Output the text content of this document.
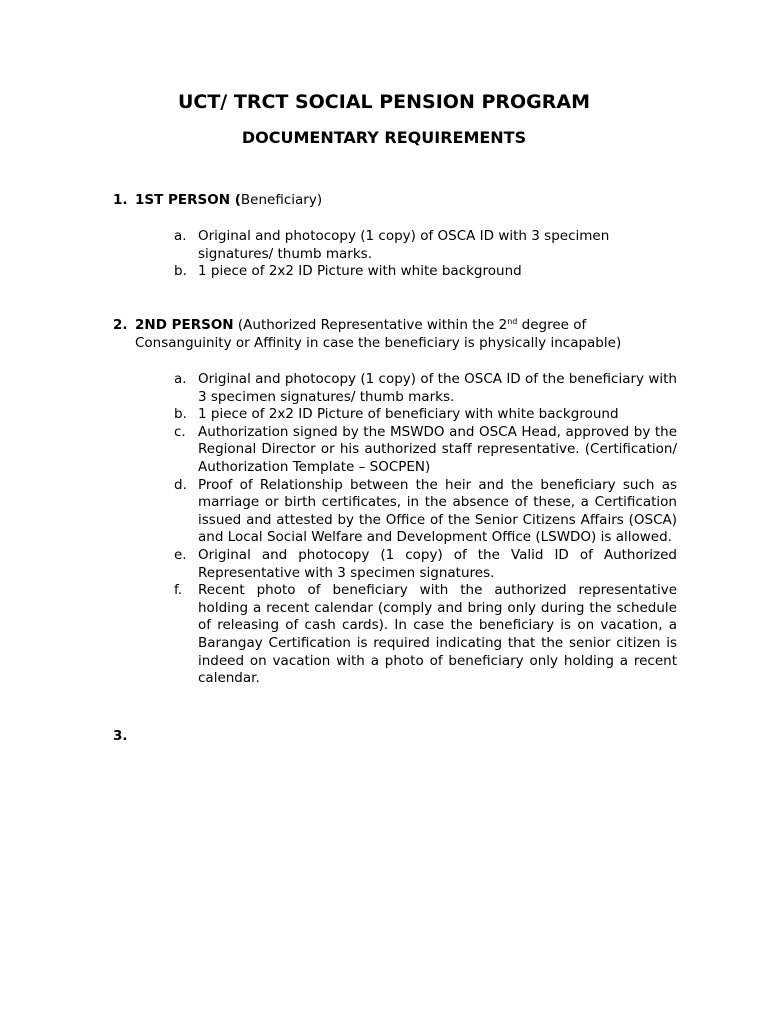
UCT/ TRCT SOCIAL PENSION PROGRAM
DOCUMENTARY REQUIREMENTS
1. 1ST PERSON (Beneficiary)
a. Original and photocopy (1 copy) of OSCA ID with 3 specimen signatures/ thumb marks.
b. 1 piece of 2x2 ID Picture with white background
2. 2ND PERSON (Authorized Representative within the 2nd degree of Consanguinity or Affinity in case the beneficiary is physically incapable)
a. Original and photocopy (1 copy) of the OSCA ID of the beneficiary with 3 specimen signatures/ thumb marks.
b. 1 piece of 2x2 ID Picture of beneficiary with white background
c. Authorization signed by the MSWDO and OSCA Head, approved by the Regional Director or his authorized staff representative. (Certification/ Authorization Template – SOCPEN)
d. Proof of Relationship between the heir and the beneficiary such as marriage or birth certificates, in the absence of these, a Certification issued and attested by the Office of the Senior Citizens Affairs (OSCA) and Local Social Welfare and Development Office (LSWDO) is allowed.
e. Original and photocopy (1 copy) of the Valid ID of Authorized Representative with 3 specimen signatures.
f. Recent photo of beneficiary with the authorized representative holding a recent calendar (comply and bring only during the schedule of releasing of cash cards). In case the beneficiary is on vacation, a Barangay Certification is required indicating that the senior citizen is indeed on vacation with a photo of beneficiary only holding a recent calendar.
3.
